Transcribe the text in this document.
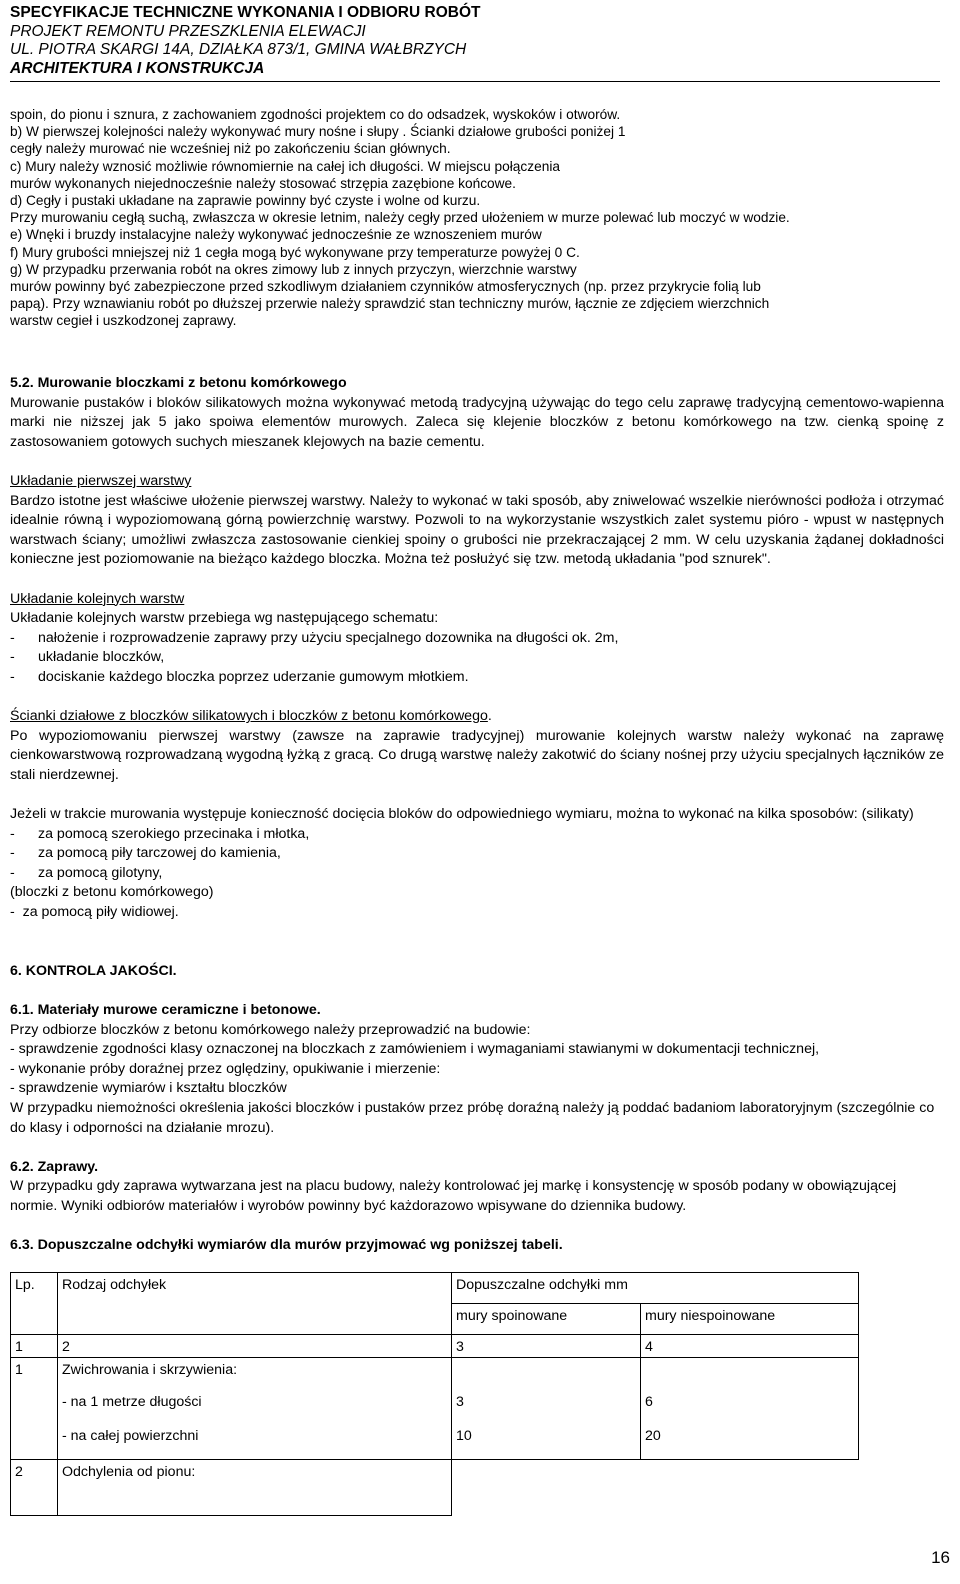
SPECYFIKACJE TECHNICZNE WYKONANIA I ODBIORU ROBÓT
PROJEKT REMONTU PRZESZKLENIA ELEWACJI
UL. PIOTRA SKARGI 14A, DZIAŁKA 873/1, GMINA WAŁBRZYCH
ARCHITEKTURA I KONSTRUKCJA
spoin, do pionu i sznura, z zachowaniem zgodności projektem co do odsadzek, wyskoków i otworów.
b) W pierwszej kolejności należy wykonywać mury nośne i słupy . Ścianki działowe grubości poniżej 1
cegły należy murować nie wcześniej niż po zakończeniu ścian głównych.
c) Mury należy wznosić możliwie równomiernie na całej ich długości. W miejscu połączenia
murów wykonanych niejednocześnie należy stosować strzępia zazębione końcowe.
d) Cegły i pustaki układane na zaprawie powinny być czyste i wolne od kurzu.
Przy murowaniu cegłą suchą, zwłaszcza w okresie letnim, należy cegły przed ułożeniem w murze polewać lub moczyć w wodzie.
e) Wnęki i bruzdy instalacyjne należy wykonywać jednocześnie ze wznoszeniem murów
f) Mury grubości mniejszej niż 1 cegła mogą być wykonywane przy temperaturze powyżej 0 C.
g) W przypadku przerwania robót na okres zimowy lub z innych przyczyn, wierzchnie warstwy
murów powinny być zabezpieczone przed szkodliwym działaniem czynników atmosferycznych (np. przez przykrycie folią lub
papą). Przy wznawianiu robót po dłuższej przerwie należy sprawdzić stan techniczny murów, łącznie ze zdjęciem wierzchnich
warstw cegieł i uszkodzonej zaprawy.
5.2. Murowanie bloczkami z betonu komórkowego
Murowanie pustaków i bloków silikatowych można wykonywać metodą tradycyjną używając do tego celu zaprawę tradycyjną cementowo-wapienna marki nie niższej jak 5 jako spoiwa elementów murowych. Zaleca się klejenie bloczków z betonu komórkowego na tzw. cienką spoinę z zastosowaniem gotowych suchych mieszanek klejowych na bazie cementu.
Układanie pierwszej warstwy
Bardzo istotne jest właściwe ułożenie pierwszej warstwy. Należy to wykonać w taki sposób, aby zniwelować wszelkie nierówności podłoża i otrzymać idealnie równą i wypoziomowaną górną powierzchnię warstwy. Pozwoli to na wykorzystanie wszystkich zalet systemu pióro - wpust w następnych warstwach ściany; umożliwi zwłaszcza zastosowanie cienkiej spoiny o grubości nie przekraczającej 2 mm. W celu uzyskania żądanej dokładności konieczne jest poziomowanie na bieżąco każdego bloczka. Można też posłużyć się tzw. metodą układania "pod sznurek".
Układanie kolejnych warstw
Układanie kolejnych warstw przebiega wg następującego schematu:
- nałożenie i rozprowadzenie zaprawy przy użyciu specjalnego dozownika na długości ok. 2m,
- układanie bloczków,
- dociskanie każdego bloczka poprzez uderzanie gumowym młotkiem.
Ścianki działowe z bloczków silikatowych i bloczków z betonu komórkowego.
Po wypoziomowaniu pierwszej warstwy (zawsze na zaprawie tradycyjnej) murowanie kolejnych warstw należy wykonać na zaprawę cienkowarstwową rozprowadzaną wygodną łyżką z gracą. Co drugą warstwę należy zakotwić do ściany nośnej przy użyciu specjalnych łączników ze stali nierdzewnej.
Jeżeli w trakcie murowania występuje konieczność docięcia bloków do odpowiedniego wymiaru, można to wykonać na kilka sposobów: (silikaty)
- za pomocą szerokiego przecinaka i młotka,
- za pomocą piły tarczowej do kamienia,
- za pomocą gilotyny,
(bloczki z betonu komórkowego)
-  za pomocą piły widiowej.
6. KONTROLA JAKOŚCI.
6.1. Materiały murowe ceramiczne i betonowe.
Przy odbiorze bloczków z betonu komórkowego należy przeprowadzić na budowie:
- sprawdzenie zgodności klasy oznaczonej na bloczkach z zamówieniem i wymaganiami stawianymi w dokumentacji technicznej,
- wykonanie próby doraźnej przez oględziny, opukiwanie i mierzenie:
- sprawdzenie wymiarów i kształtu bloczków
W przypadku niemożności określenia jakości bloczków i pustaków przez próbę doraźną należy ją poddać badaniom laboratoryjnym (szczególnie co do klasy i odporności na działanie mrozu).
6.2. Zaprawy.
W przypadku gdy zaprawa wytwarzana jest na placu budowy, należy kontrolować jej markę i konsystencję w sposób podany w obowiązującej normie. Wyniki odbiorów materiałów i wyrobów powinny być każdorazowo wpisywane do dziennika budowy.
6.3. Dopuszczalne odchyłki wymiarów dla murów przyjmować wg poniższej tabeli.
Lp.	Rodzaj odchyłek	Dopuszczalne odchyłki mm	
		mury spoinowane	mury niespoinowane
1	2	3	4
1	Zwichrowania i skrzywienia:		
	- na 1 metrze długości	3	6
	- na całej powierzchni	10	20
2	Odchylenia od pionu:		

16
